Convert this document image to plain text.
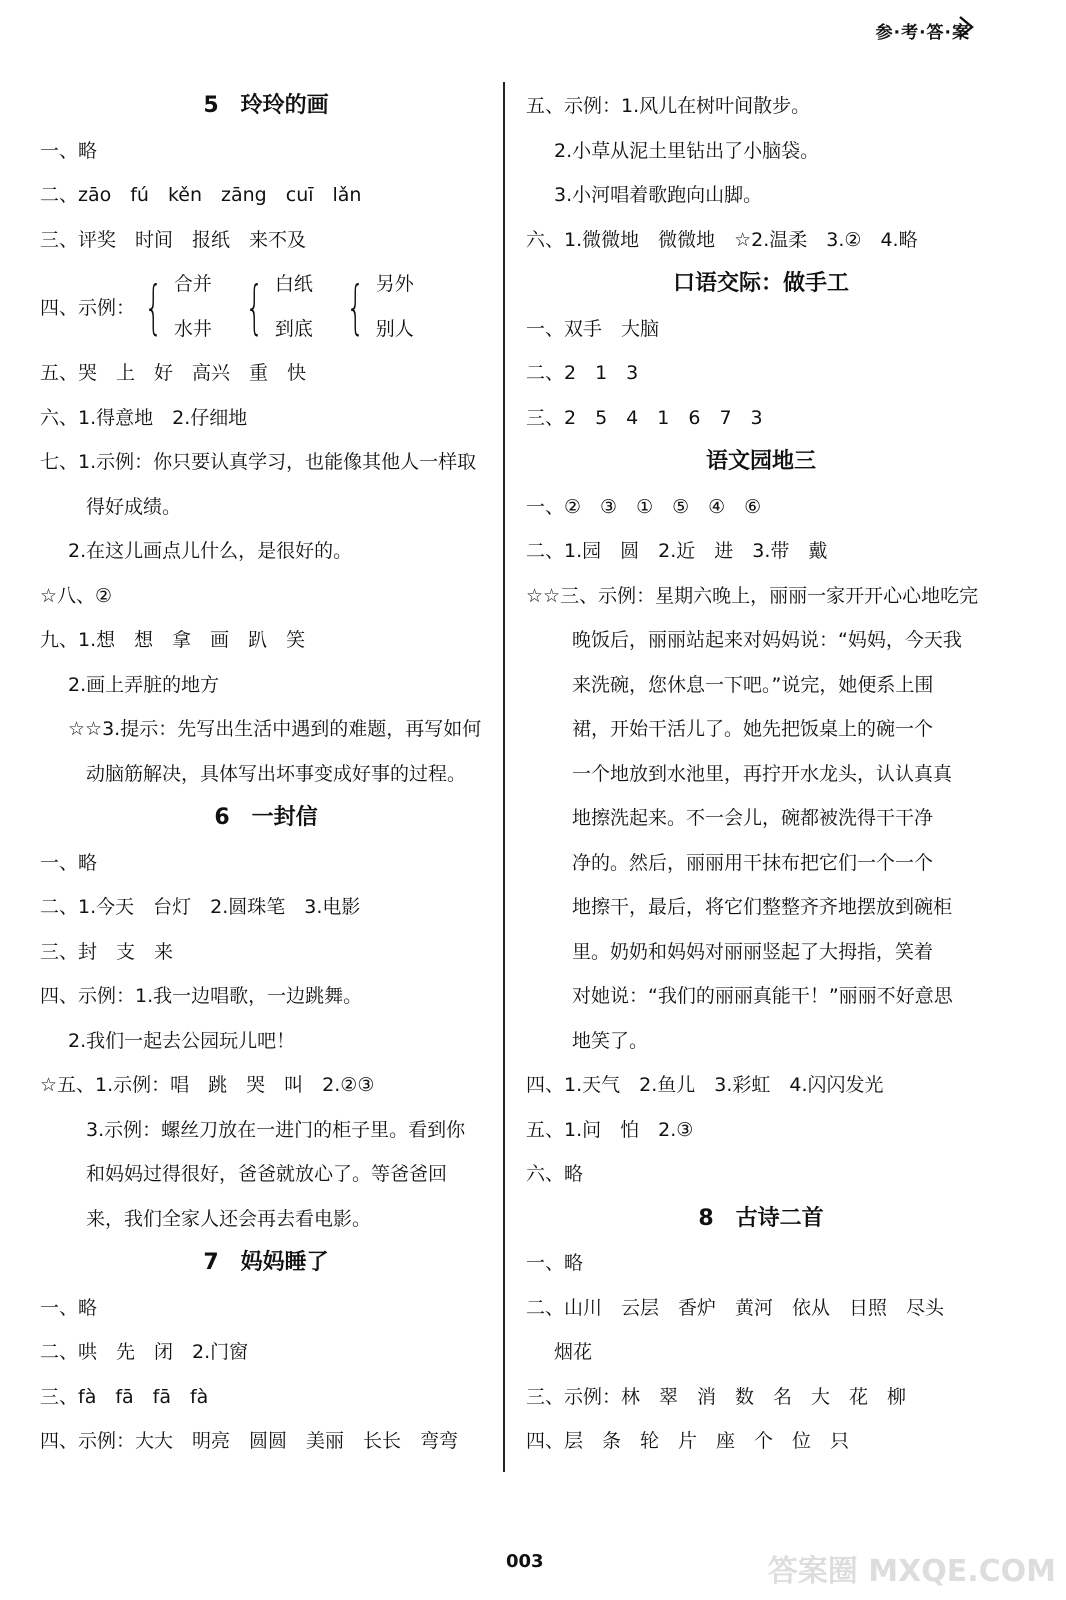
参·考·答·案
5　玲玲的画
一、略
二、zāo　fú　kěn　zāng　cuī　lǎn
三、评奖　时间　报纸　来不及
四、示例： { 合并
水井 { 白纸
到底 { 另外
别人
五、哭　上　好　高兴　重　快
六、1.得意地　2.仔细地
七、1.示例：你只要认真学习，也能像其他人一样取
得好成绩。
2.在这儿画点儿什么，是很好的。
☆八、②
九、1.想　想　拿　画　趴　笑
2.画上弄脏的地方
☆☆3.提示：先写出生活中遇到的难题，再写如何
动脑筋解决，具体写出坏事变成好事的过程。
6　一封信
一、略
二、1.今天　台灯　2.圆珠笔　3.电影
三、封　支　来
四、示例：1.我一边唱歌，一边跳舞。
2.我们一起去公园玩儿吧！
☆五、1.示例：唱　跳　哭　叫　2.②③
3.示例：螺丝刀放在一进门的柜子里。看到你
和妈妈过得很好，爸爸就放心了。等爸爸回
来，我们全家人还会再去看电影。
7　妈妈睡了
一、略
二、哄　先　闭　2.门窗
三、fà　fā　fā　fà
四、示例：大大　明亮　圆圆　美丽　长长　弯弯
五、示例：1.风儿在树叶间散步。
2.小草从泥土里钻出了小脑袋。
3.小河唱着歌跑向山脚。
六、1.微微地　微微地　☆2.温柔　3.②　4.略
口语交际：做手工
一、双手　大脑
二、2　1　3
三、2　5　4　1　6　7　3
语文园地三
一、②　③　①　⑤　④　⑥
二、1.园　圆　2.近　进　3.带　戴
☆☆三、示例：星期六晚上，丽丽一家开开心心地吃完
晚饭后，丽丽站起来对妈妈说：“妈妈，今天我
来洗碗，您休息一下吧。”说完，她便系上围
裙，开始干活儿了。她先把饭桌上的碗一个
一个地放到水池里，再拧开水龙头，认认真真
地擦洗起来。不一会儿，碗都被洗得干干净
净的。然后，丽丽用干抹布把它们一个一个
地擦干，最后，将它们整整齐齐地摆放到碗柜
里。奶奶和妈妈对丽丽竖起了大拇指，笑着
对她说：“我们的丽丽真能干！”丽丽不好意思
地笑了。
四、1.天气　2.鱼儿　3.彩虹　4.闪闪发光
五、1.问　怕　2.③
六、略
8　古诗二首
一、略
二、山川　云层　香炉　黄河　依从　日照　尽头
烟花
三、示例：林　翠　消　数　名　大　花　柳
四、层　条　轮　片　座　个　位　只
003	答案圈 MXQE.COM
